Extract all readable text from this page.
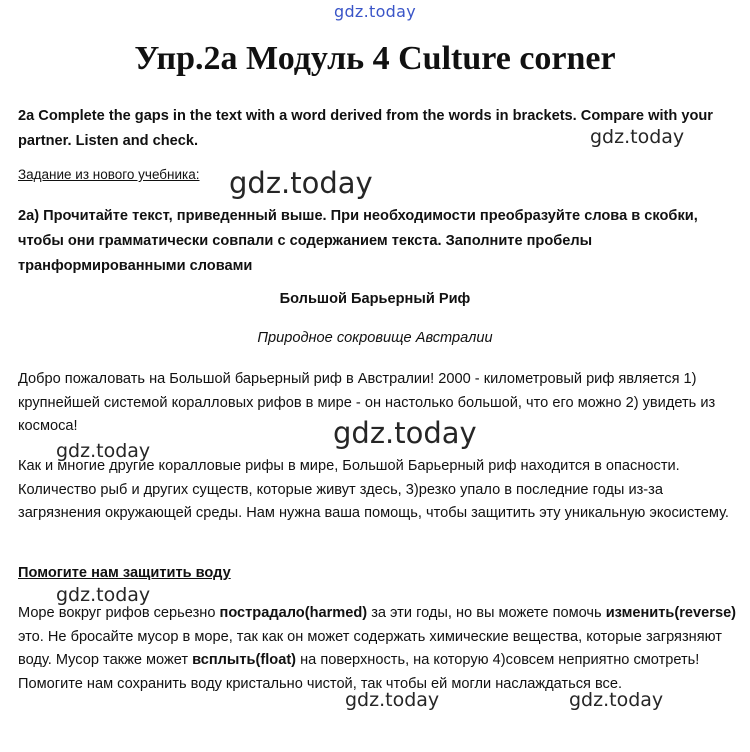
gdz.today
Упр.2а Модуль 4 Culture corner
2a Complete the gaps in the text with a word derived from the words in brackets. Compare with your partner. Listen and check.	gdz.today
Задание из нового учебника: gdz.today
2а) Прочитайте текст, приведенный выше. При необходимости преобразуйте слова в скобки, чтобы они грамматически совпали с содержанием текста. Заполните пробелы транформированными словами
Большой Барьерный Риф
Природное сокровище Австралии
Добро пожаловать на Большой барьерный риф в Австралии! 2000 - километровый риф является 1) крупнейшей системой коралловых рифов в мире - он настолько большой, что его можно 2) увидеть из космоса!	gdz.today
gdz.today
Как и многие другие коралловые рифы в мире, Большой Барьерный риф находится в опасности. Количество рыб и других существ, которые живут здесь, 3)резко упало в последние годы из-за загрязнения окружающей среды. Нам нужна ваша помощь, чтобы защитить эту уникальную экосистему.
Помогите нам защитить воду
gdz.today
Море вокруг рифов серьезно пострадало(harmed) за эти годы, но вы можете помочь изменить(reverse) это. Не бросайте мусор в море, так как он может содержать химические вещества, которые загрязняют воду. Мусор также может всплыть(float) на поверхность, на которую 4)совсем неприятно смотреть! Помогите нам сохранить воду кристально чистой, так чтобы ей могли наслаждаться все.
gdz.today	gdz.today
